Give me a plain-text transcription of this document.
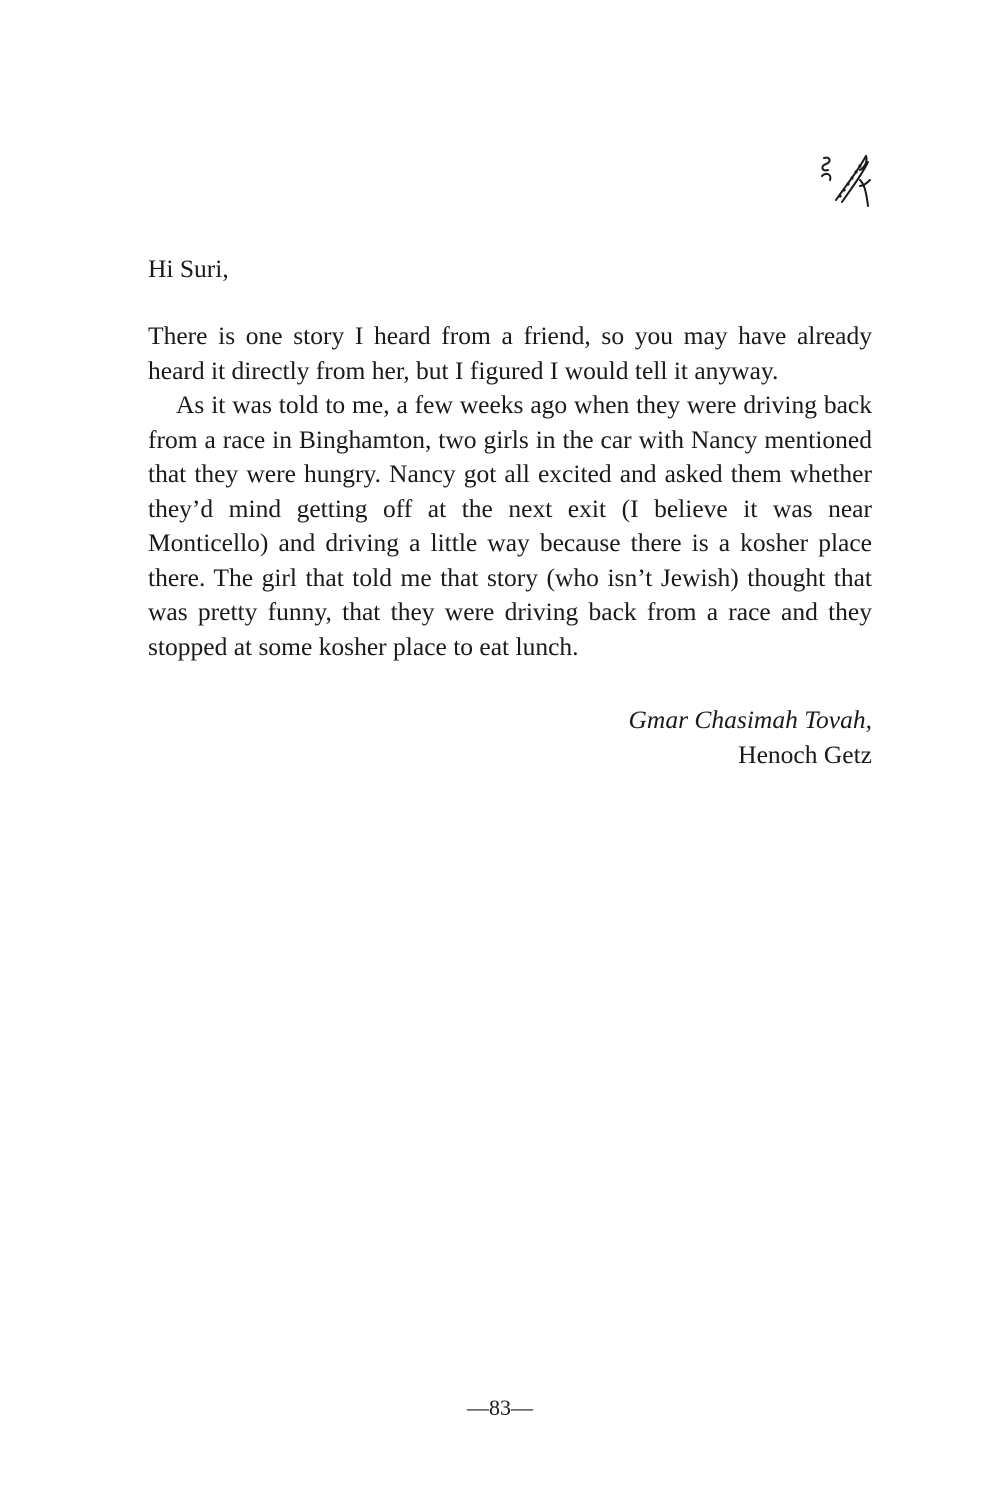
Hi Suri,

There is one story I heard from a friend, so you may have already heard it directly from her, but I figured I would tell it anyway.

As it was told to me, a few weeks ago when they were driving back from a race in Binghamton, two girls in the car with Nancy mentioned that they were hungry. Nancy got all excited and asked them whether they’d mind getting off at the next exit (I believe it was near Monticello) and driving a little way because there is a kosher place there. The girl that told me that story (who isn’t Jewish) thought that was pretty funny, that they were driving back from a race and they stopped at some kosher place to eat lunch.

Gmar Chasimah Tovah,
Henoch Getz
—83—
